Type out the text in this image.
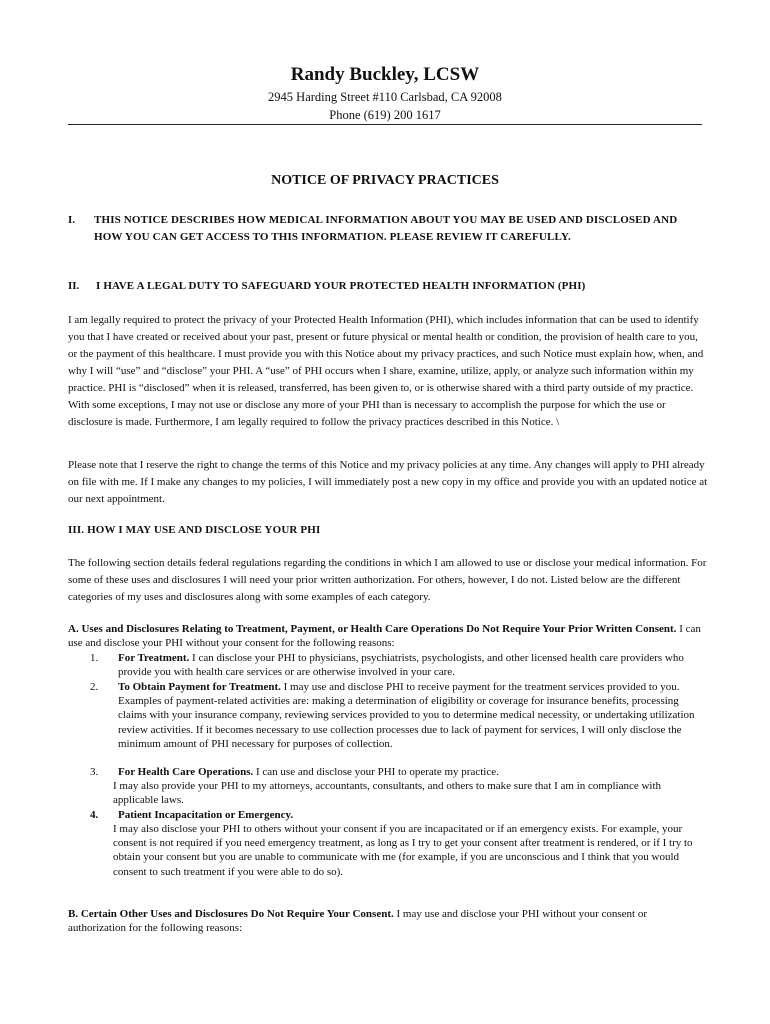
Randy Buckley, LCSW
2945 Harding Street #110 Carlsbad, CA 92008
Phone (619) 200 1617
NOTICE OF PRIVACY PRACTICES
I. THIS NOTICE DESCRIBES HOW MEDICAL INFORMATION ABOUT YOU MAY BE USED AND DISCLOSED AND HOW YOU CAN GET ACCESS TO THIS INFORMATION. PLEASE REVIEW IT CAREFULLY.
II. I HAVE A LEGAL DUTY TO SAFEGUARD YOUR PROTECTED HEALTH INFORMATION (PHI)
I am legally required to protect the privacy of your Protected Health Information (PHI), which includes information that can be used to identify you that I have created or received about your past, present or future physical or mental health or condition, the provision of health care to you, or the payment of this healthcare. I must provide you with this Notice about my privacy practices, and such Notice must explain how, when, and why I will “use” and “disclose” your PHI. A “use” of PHI occurs when I share, examine, utilize, apply, or analyze such information within my practice. PHI is “disclosed” when it is released, transferred, has been given to, or is otherwise shared with a third party outside of my practice. With some exceptions, I may not use or disclose any more of your PHI than is necessary to accomplish the purpose for which the use or disclosure is made. Furthermore, I am legally required to follow the privacy practices described in this Notice. \
Please note that I reserve the right to change the terms of this Notice and my privacy policies at any time. Any changes will apply to PHI already on file with me. If I make any changes to my policies, I will immediately post a new copy in my office and provide you with an updated notice at our next appointment.
III. HOW I MAY USE AND DISCLOSE YOUR PHI
The following section details federal regulations regarding the conditions in which I am allowed to use or disclose your medical information. For some of these uses and disclosures I will need your prior written authorization. For others, however, I do not. Listed below are the different categories of my uses and disclosures along with some examples of each category.
A. Uses and Disclosures Relating to Treatment, Payment, or Health Care Operations Do Not Require Your Prior Written Consent. I can use and disclose your PHI without your consent for the following reasons:
1. For Treatment. I can disclose your PHI to physicians, psychiatrists, psychologists, and other licensed health care providers who provide you with health care services or are otherwise involved in your care.
2. To Obtain Payment for Treatment. I may use and disclose PHI to receive payment for the treatment services provided to you. Examples of payment-related activities are: making a determination of eligibility or coverage for insurance benefits, processing claims with your insurance company, reviewing services provided to you to determine medical necessity, or undertaking utilization review activities. If it becomes necessary to use collection processes due to lack of payment for services, I will only disclose the minimum amount of PHI necessary for purposes of collection.
3. For Health Care Operations. I can use and disclose your PHI to operate my practice.
I may also provide your PHI to my attorneys, accountants, consultants, and others to make sure that I am in compliance with applicable laws.
4. Patient Incapacitation or Emergency.
I may also disclose your PHI to others without your consent if you are incapacitated or if an emergency exists. For example, your consent is not required if you need emergency treatment, as long as I try to get your consent after treatment is rendered, or if I try to obtain your consent but you are unable to communicate with me (for example, if you are unconscious and I think that you would consent to such treatment if you were able to do so).
B. Certain Other Uses and Disclosures Do Not Require Your Consent. I may use and disclose your PHI without your consent or authorization for the following reasons:
